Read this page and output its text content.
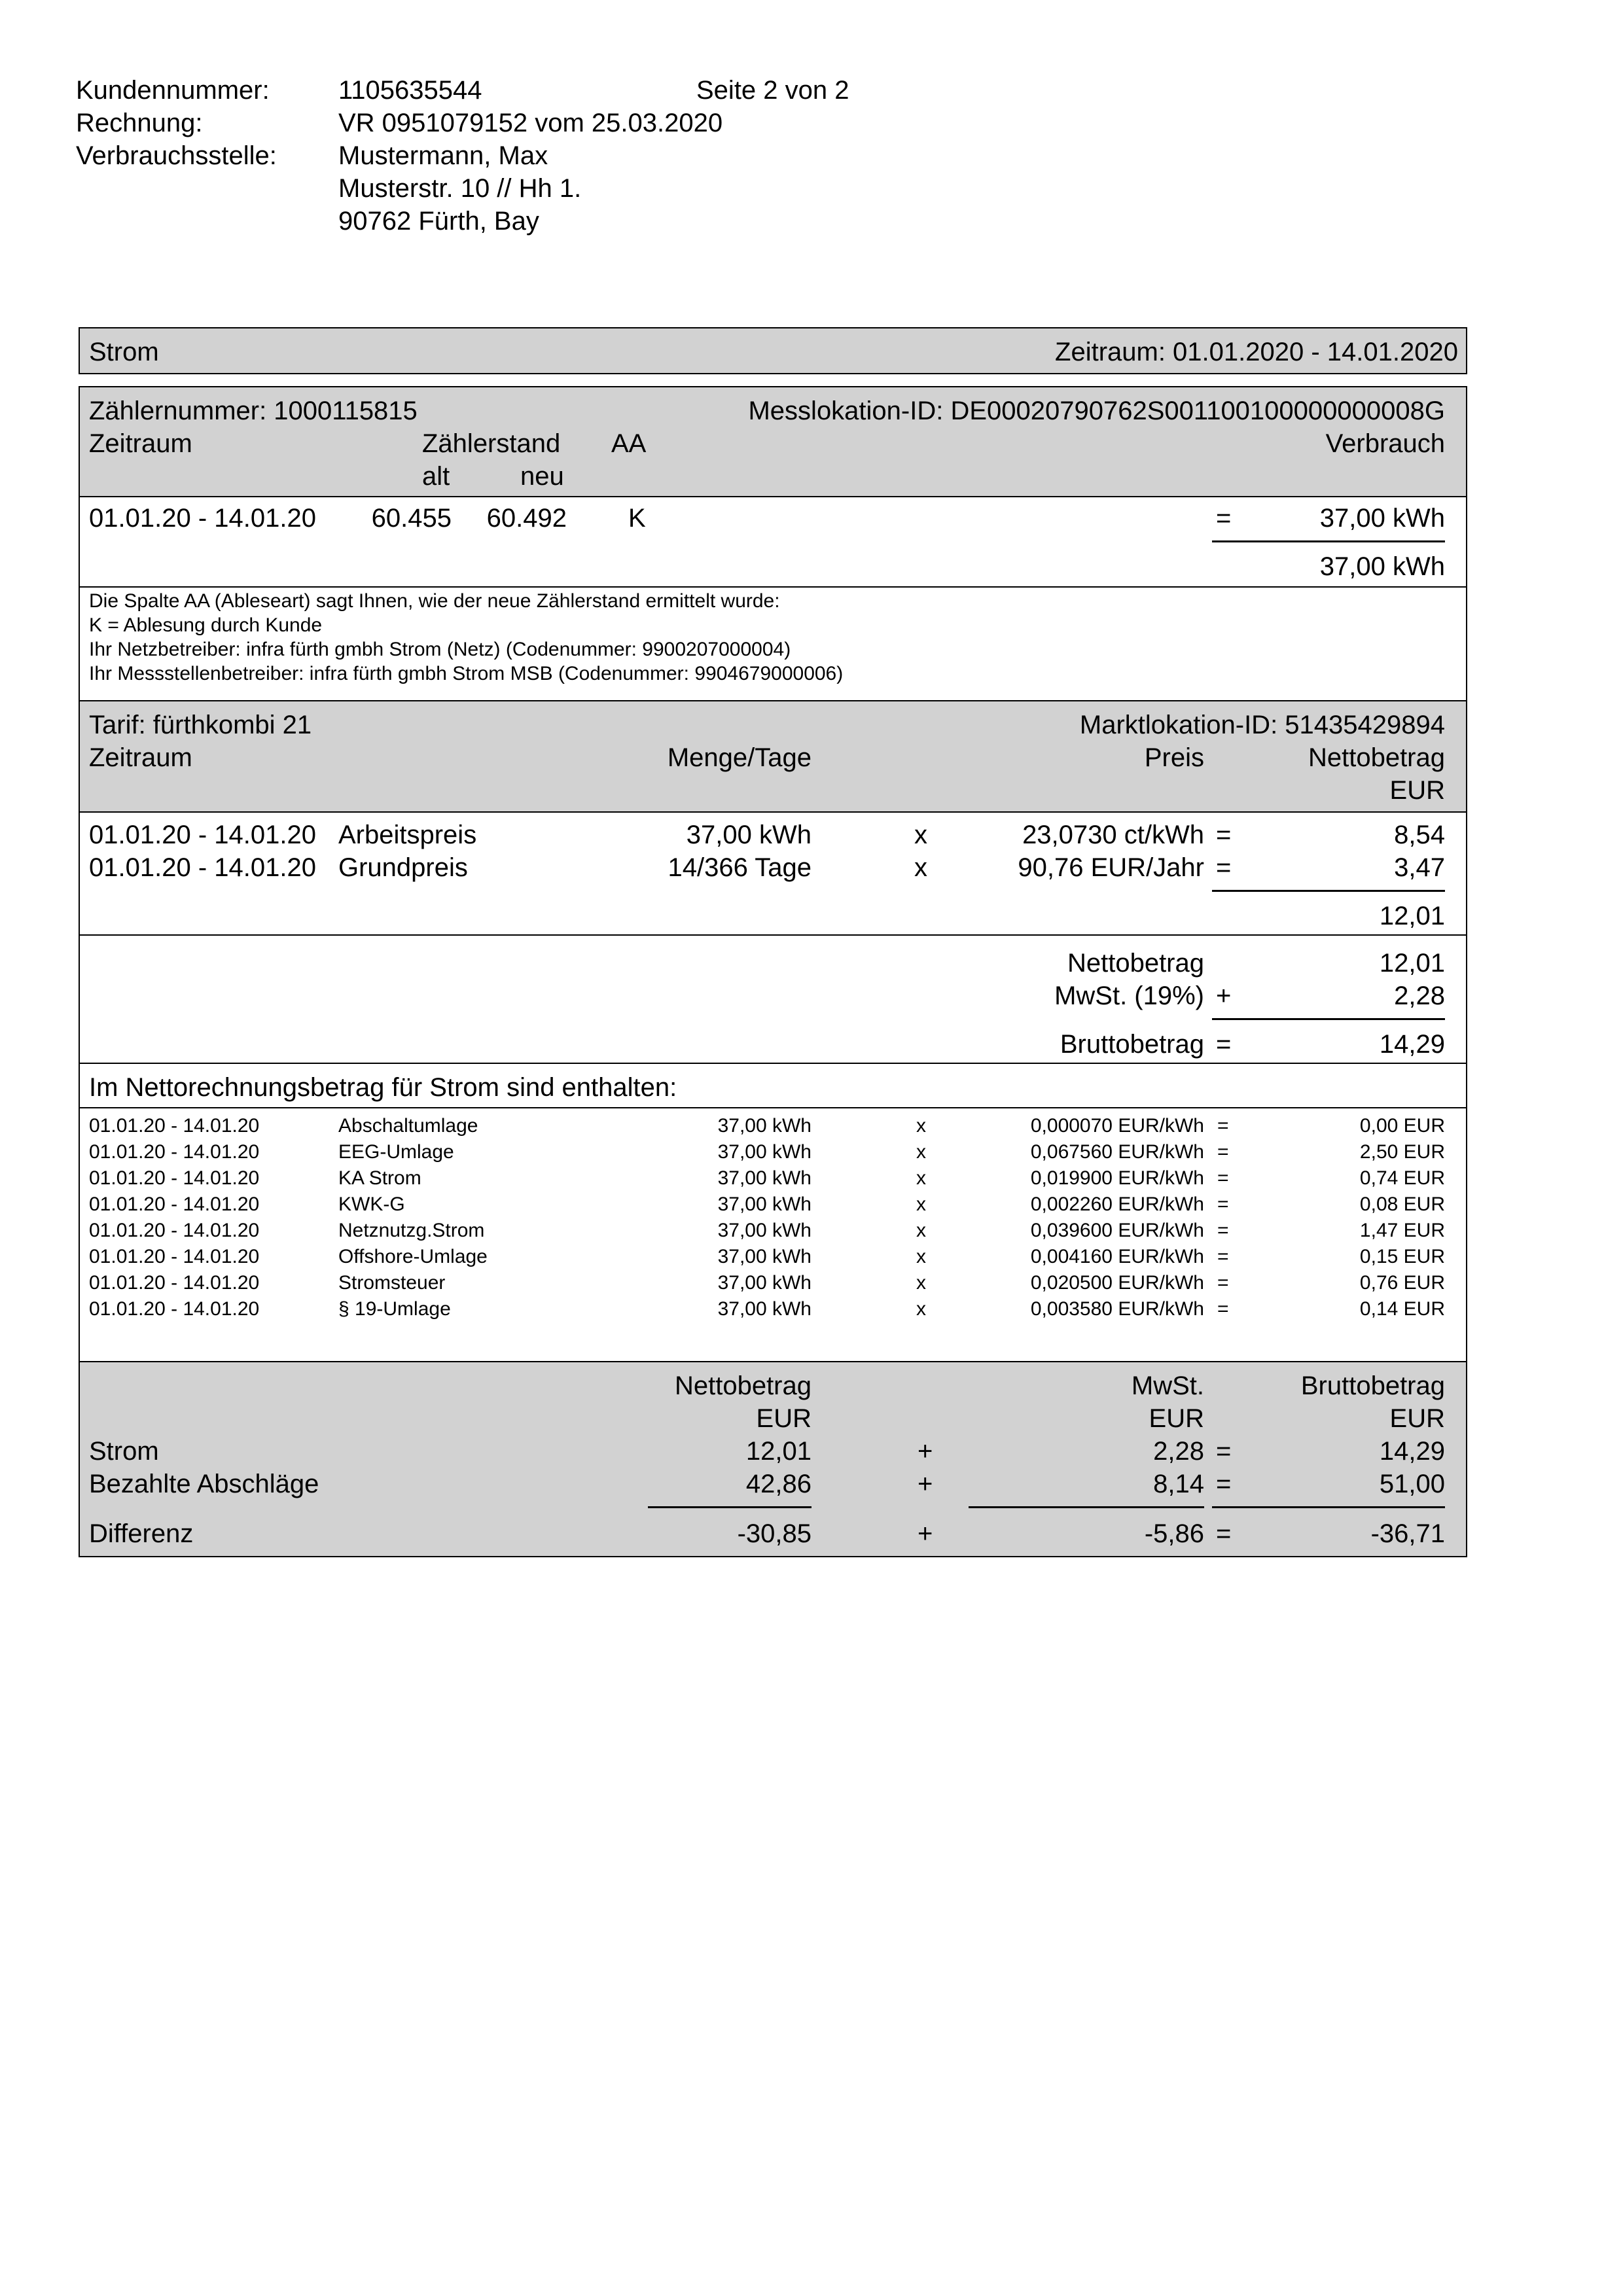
Kundennummer:	1105635544	Seite 2 von 2
Rechnung:	VR 0951079152 vom 25.03.2020
Verbrauchsstelle: Mustermann, Max
Musterstr. 10 // Hh 1.
90762 Fürth, Bay
Strom	Zeitraum: 01.01.2020 - 14.01.2020
Zählernummer: 1000115815	Messlokation-ID: DE00020790762S001100100000000008G
Zeitraum	Zählerstand AA	Verbrauch
alt	neu
01.01.20 - 14.01.20	60.455	60.492 K	=	37,00 kWh
37,00 kWh
Die Spalte AA (Ableseart) sagt Ihnen, wie der neue Zählerstand ermittelt wurde:
K = Ablesung durch Kunde
Ihr Netzbetreiber: infra fürth gmbh Strom (Netz) (Codenummer: 9900207000004)
Ihr Messstellenbetreiber: infra fürth gmbh Strom MSB (Codenummer: 9904679000006)
Tarif: fürthkombi 21	Marktlokation-ID: 51435429894
Zeitraum	Menge/Tage	Preis	Nettobetrag
EUR
01.01.20 - 14.01.20 Arbeitspreis	37,00 kWh	x	23,0730 ct/kWh =	8,54
01.01.20 - 14.01.20 Grundpreis	14/366 Tage	x	90,76 EUR/Jahr =	3,47
12,01
Nettobetrag	12,01
MwSt. (19%) +	2,28
Bruttobetrag =	14,29
Im Nettorechnungsbetrag für Strom sind enthalten:
01.01.20 - 14.01.20	Abschaltumlage	37,00 kWh	x	0,000070 EUR/kWh =	0,00 EUR
01.01.20 - 14.01.20	EEG-Umlage	37,00 kWh	x	0,067560 EUR/kWh =	2,50 EUR
01.01.20 - 14.01.20	KA Strom	37,00 kWh	x	0,019900 EUR/kWh =	0,74 EUR
01.01.20 - 14.01.20	KWK-G	37,00 kWh	x	0,002260 EUR/kWh =	0,08 EUR
01.01.20 - 14.01.20	Netznutzg.Strom	37,00 kWh	x	0,039600 EUR/kWh =	1,47 EUR
01.01.20 - 14.01.20	Offshore-Umlage	37,00 kWh	x	0,004160 EUR/kWh =	0,15 EUR
01.01.20 - 14.01.20	Stromsteuer	37,00 kWh	x	0,020500 EUR/kWh =	0,76 EUR
01.01.20 - 14.01.20	§ 19-Umlage	37,00 kWh	x	0,003580 EUR/kWh =	0,14 EUR
Nettobetrag	MwSt.	Bruttobetrag
EUR	EUR	EUR
Strom	12,01	+	2,28 =	14,29
Bezahlte Abschläge	42,86	+	8,14 =	51,00
Differenz	-30,85	+	-5,86 =	-36,71
